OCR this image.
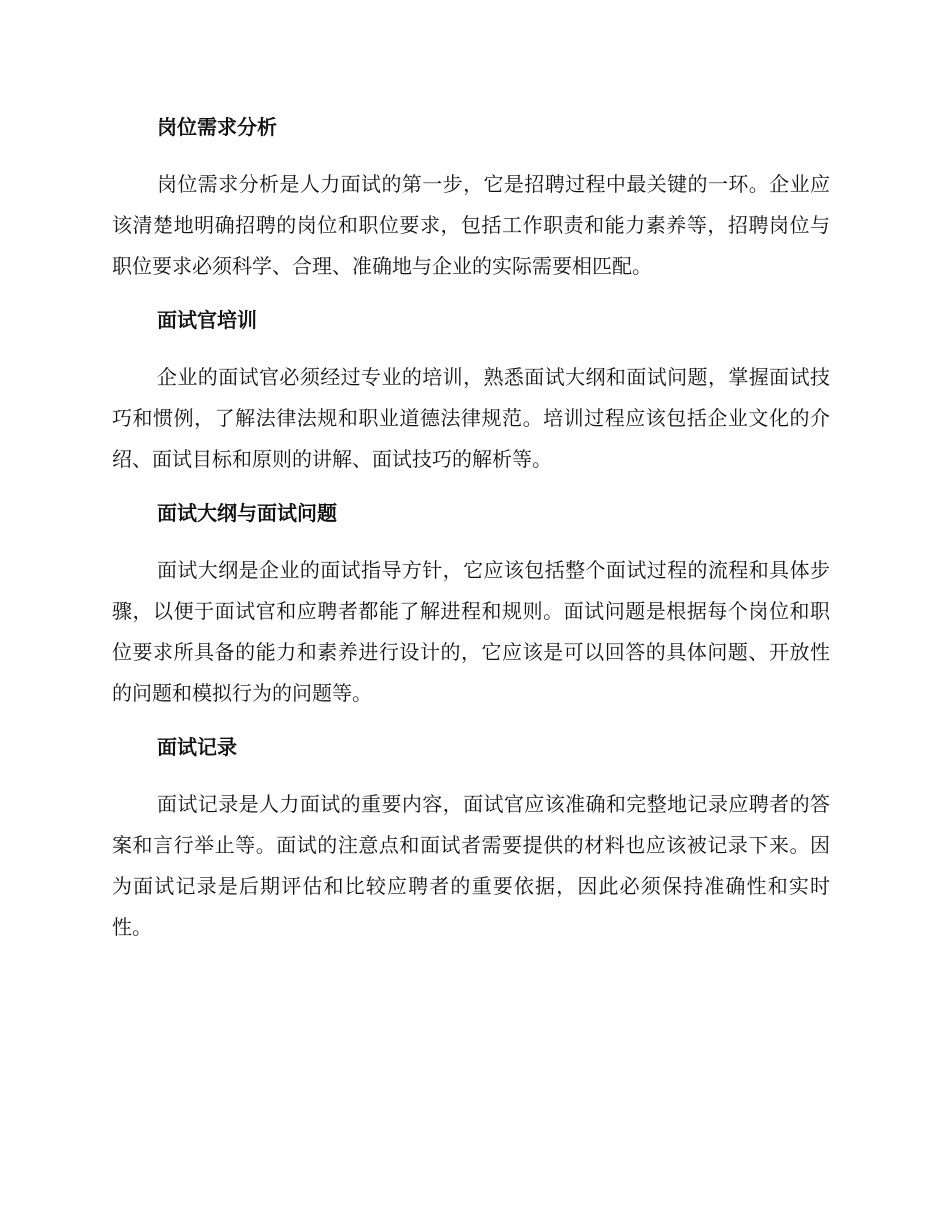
岗位需求分析

岗位需求分析是人力面试的第一步，它是招聘过程中最关键的一环。企业应该清楚地明确招聘的岗位和职位要求，包括工作职责和能力素养等，招聘岗位与职位要求必须科学、合理、准确地与企业的实际需要相匹配。

面试官培训

企业的面试官必须经过专业的培训，熟悉面试大纲和面试问题，掌握面试技巧和惯例，了解法律法规和职业道德法律规范。培训过程应该包括企业文化的介绍、面试目标和原则的讲解、面试技巧的解析等。

面试大纲与面试问题

面试大纲是企业的面试指导方针，它应该包括整个面试过程的流程和具体步骤，以便于面试官和应聘者都能了解进程和规则。面试问题是根据每个岗位和职位要求所具备的能力和素养进行设计的，它应该是可以回答的具体问题、开放性的问题和模拟行为的问题等。

面试记录

面试记录是人力面试的重要内容，面试官应该准确和完整地记录应聘者的答案和言行举止等。面试的注意点和面试者需要提供的材料也应该被记录下来。因为面试记录是后期评估和比较应聘者的重要依据，因此必须保持准确性和实时性。
